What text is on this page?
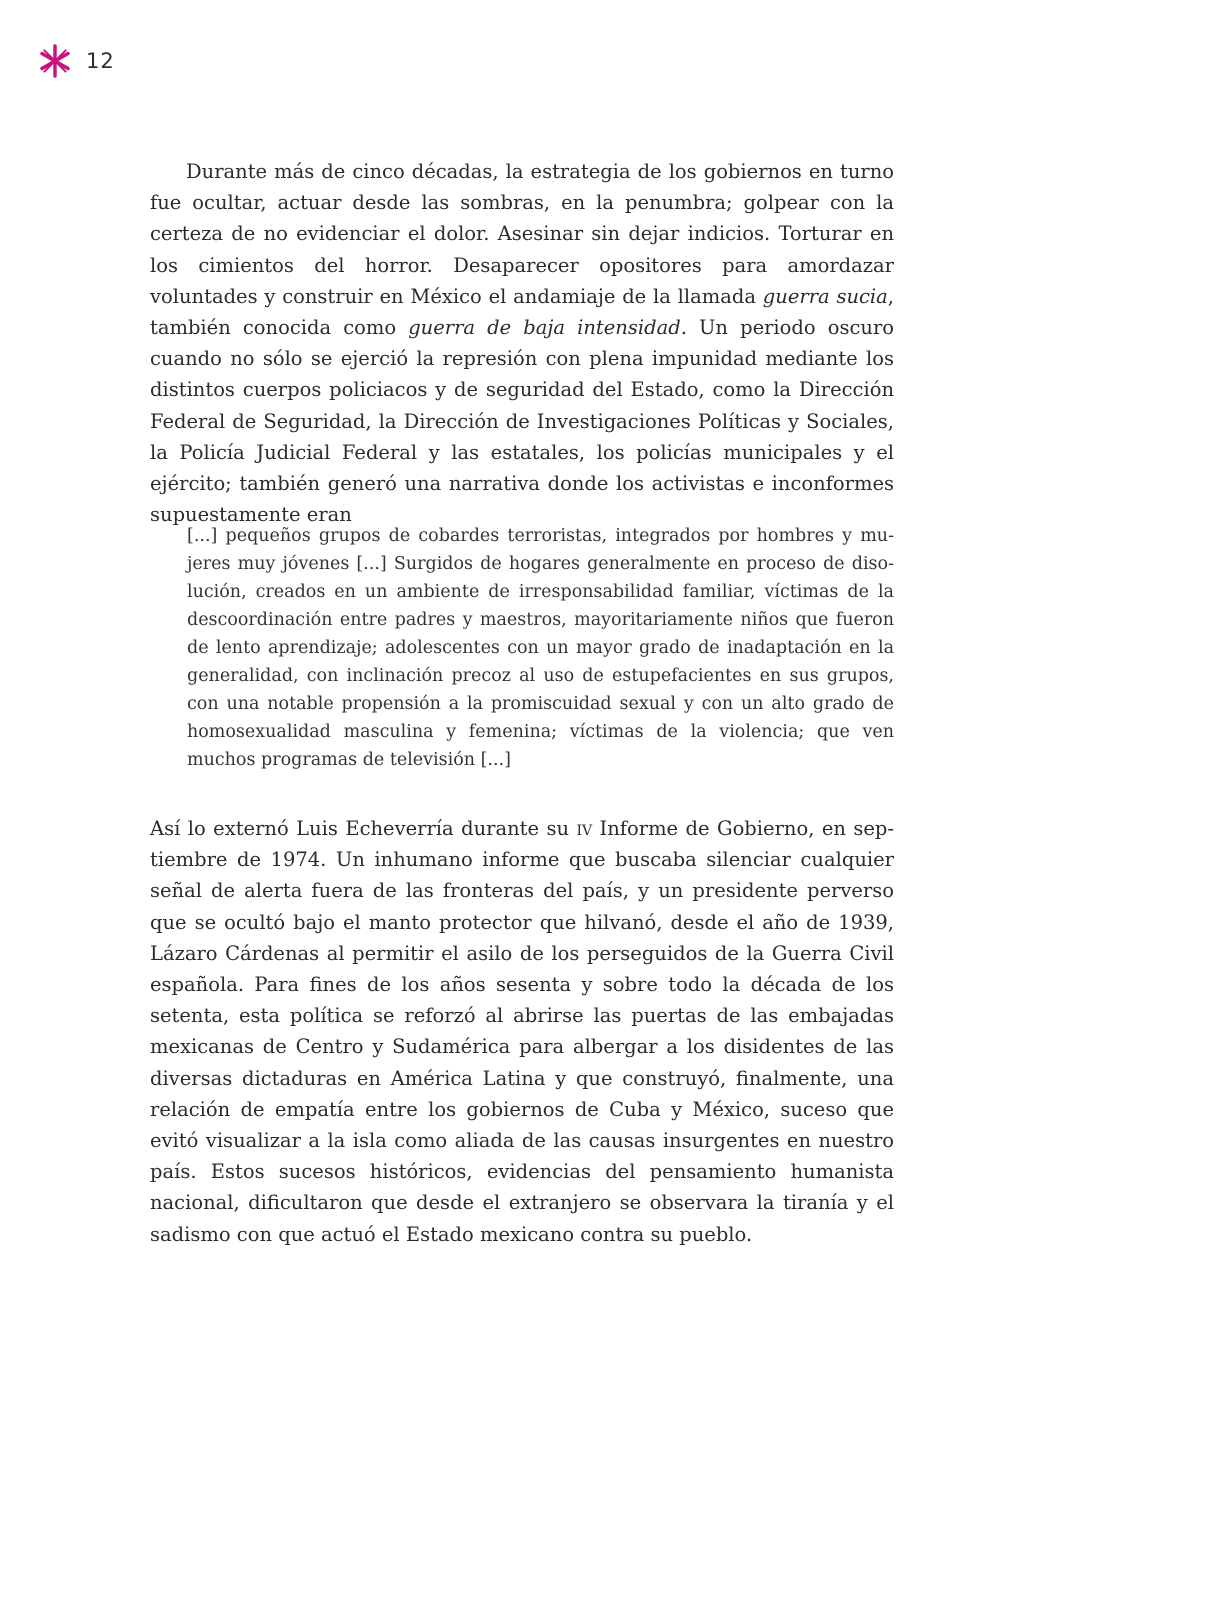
12

Durante más de cinco décadas, la estrategia de los gobiernos en turno fue ocultar, actuar desde las sombras, en la penumbra; golpear con la certeza de no evidenciar el dolor. Asesinar sin dejar indicios. Torturar en los cimientos del horror. Desaparecer opositores para amordazar voluntades y construir en México el andamiaje de la llamada guerra sucia, también conocida como guerra de baja intensidad. Un periodo oscuro cuando no sólo se ejerció la represión con plena impunidad mediante los distintos cuerpos policiacos y de seguridad del Estado, como la Dirección Federal de Seguridad, la Dirección de Investigaciones Políticas y Sociales, la Policía Judicial Federal y las estatales, los policías municipales y el ejército; también generó una narrativa donde los activistas e inconformes supuestamente eran

[...] pequeños grupos de cobardes terroristas, integrados por hombres y mujeres muy jóvenes [...] Surgidos de hogares generalmente en proceso de disolución, creados en un ambiente de irresponsabilidad familiar, víctimas de la descoordinación entre padres y maestros, mayoritariamente niños que fueron de lento aprendizaje; adolescentes con un mayor grado de inadaptación en la generalidad, con inclinación precoz al uso de estupefacientes en sus grupos, con una notable propensión a la promiscuidad sexual y con un alto grado de homosexualidad masculina y femenina; víctimas de la violencia; que ven muchos programas de televisión [...]

Así lo externó Luis Echeverría durante su iv Informe de Gobierno, en septiembre de 1974. Un inhumano informe que buscaba silenciar cualquier señal de alerta fuera de las fronteras del país, y un presidente perverso que se ocultó bajo el manto protector que hilvanó, desde el año de 1939, Lázaro Cárdenas al permitir el asilo de los perseguidos de la Guerra Civil española. Para fines de los años sesenta y sobre todo la década de los setenta, esta política se reforzó al abrirse las puertas de las embajadas mexicanas de Centro y Sudamérica para albergar a los disidentes de las diversas dictaduras en América Latina y que construyó, finalmente, una relación de empatía entre los gobiernos de Cuba y México, suceso que evitó visualizar a la isla como aliada de las causas insurgentes en nuestro país. Estos sucesos históricos, evidencias del pensamiento humanista nacional, dificultaron que desde el extranjero se observara la tiranía y el sadismo con que actuó el Estado mexicano contra su pueblo.
